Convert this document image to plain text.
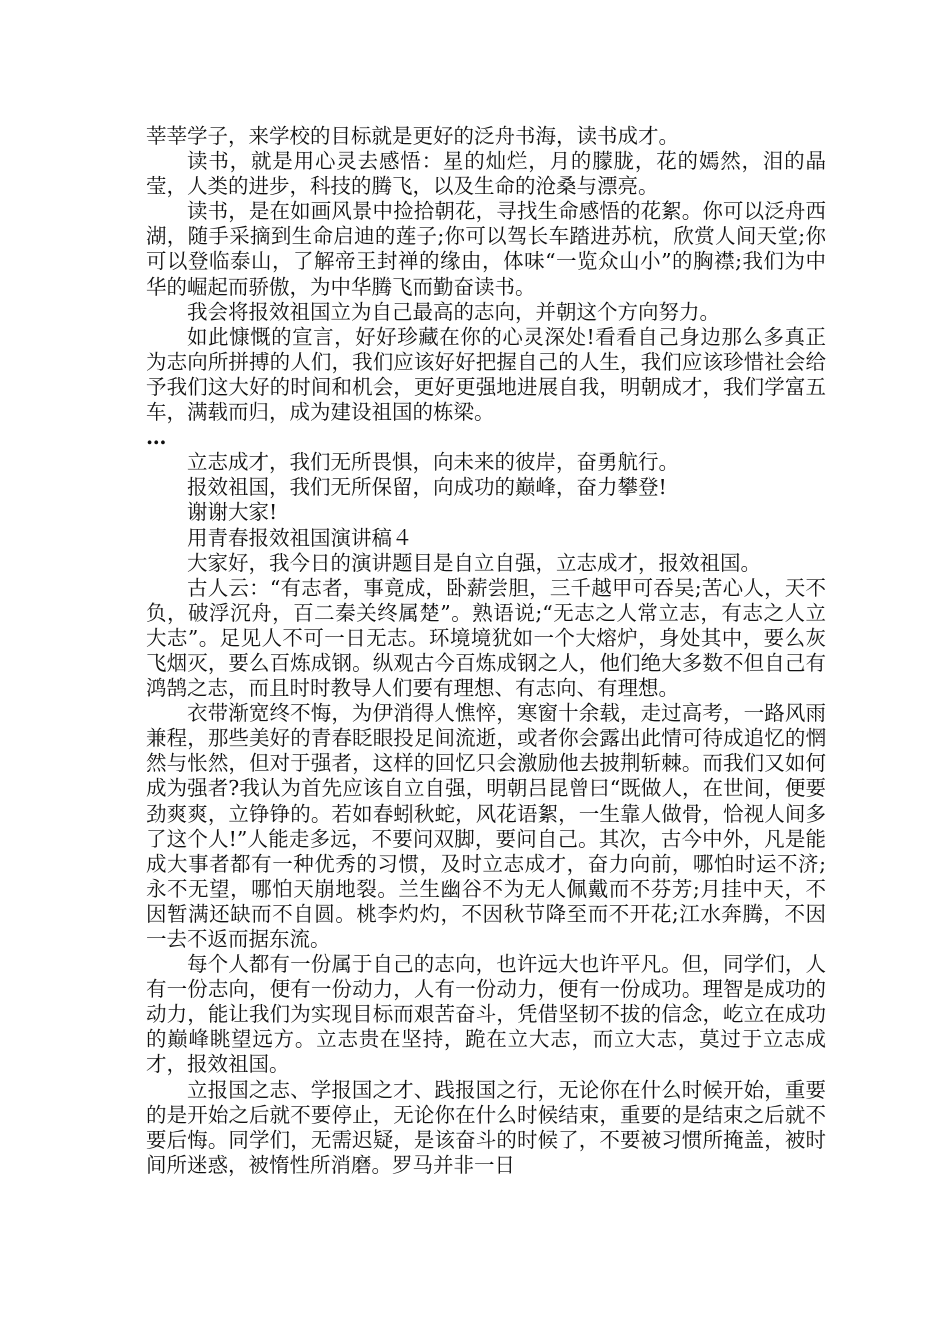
莘莘学子，来学校的目标就是更好的泛舟书海，读书成才。

读书，就是用心灵去感悟：星的灿烂，月的朦胧，花的嫣然，泪的晶莹，人类的进步，科技的腾飞，以及生命的沧桑与漂亮。

读书，是在如画风景中捡拾朝花，寻找生命感悟的花絮。你可以泛舟西湖，随手采摘到生命启迪的莲子;你可以驾长车踏进苏杭，欣赏人间天堂;你可以登临泰山，了解帝王封禅的缘由，体味“一览众山小”的胸襟;我们为中华的崛起而骄傲，为中华腾飞而勤奋读书。

我会将报效祖国立为自己最高的志向，并朝这个方向努力。

如此慷慨的宣言，好好珍藏在你的心灵深处!看看自己身边那么多真正为志向所拼搏的人们，我们应该好好把握自己的人生，我们应该珍惜社会给予我们这大好的时间和机会，更好更强地进展自我，明朝成才，我们学富五车，满载而归，成为建设祖国的栋梁。

…

立志成才，我们无所畏惧，向未来的彼岸，奋勇航行。

报效祖国，我们无所保留，向成功的巅峰，奋力攀登!

谢谢大家!

用青春报效祖国演讲稿４

大家好，我今日的演讲题目是自立自强，立志成才，报效祖国。

古人云：“有志者，事竟成，卧薪尝胆，三千越甲可吞吴;苦心人，天不负，破浮沉舟，百二秦关终属楚”。熟语说;“无志之人常立志，有志之人立大志”。足见人不可一日无志。环境境犹如一个大熔炉，身处其中，要么灰飞烟灭，要么百炼成钢。纵观古今百炼成钢之人，他们绝大多数不但自己有鸿鹄之志，而且时时教导人们要有理想、有志向、有理想。

衣带渐宽终不悔，为伊消得人憔悴，寒窗十余载，走过高考，一路风雨兼程，那些美好的青春眨眼投足间流逝，或者你会露出此情可待成追忆的惘然与怅然，但对于强者，这样的回忆只会激励他去披荆斩棘。而我们又如何成为强者?我认为首先应该自立自强，明朝吕昆曾曰“既做人，在世间，便要劲爽爽，立铮铮的。若如春蚓秋蛇，风花语絮，一生靠人做骨，恰视人间多了这个人!”人能走多远，不要问双脚，要问自己。其次，古今中外，凡是能成大事者都有一种优秀的习惯，及时立志成才，奋力向前，哪怕时运不济;永不无望，哪怕天崩地裂。兰生幽谷不为无人佩戴而不芬芳;月挂中天，不因暂满还缺而不自圆。桃李灼灼，不因秋节降至而不开花;江水奔腾，不因一去不返而据东流。

每个人都有一份属于自己的志向，也许远大也许平凡。但，同学们，人有一份志向，便有一份动力，人有一份动力，便有一份成功。理智是成功的动力，能让我们为实现目标而艰苦奋斗，凭借坚韧不拔的信念，屹立在成功的巅峰眺望远方。立志贵在坚持，跪在立大志，而立大志，莫过于立志成才，报效祖国。

立报国之志、学报国之才、践报国之行，无论你在什么时候开始，重要的是开始之后就不要停止，无论你在什么时候结束，重要的是结束之后就不要后悔。同学们，无需迟疑，是该奋斗的时候了，不要被习惯所掩盖，被时间所迷惑，被惰性所消磨。罗马并非一日
